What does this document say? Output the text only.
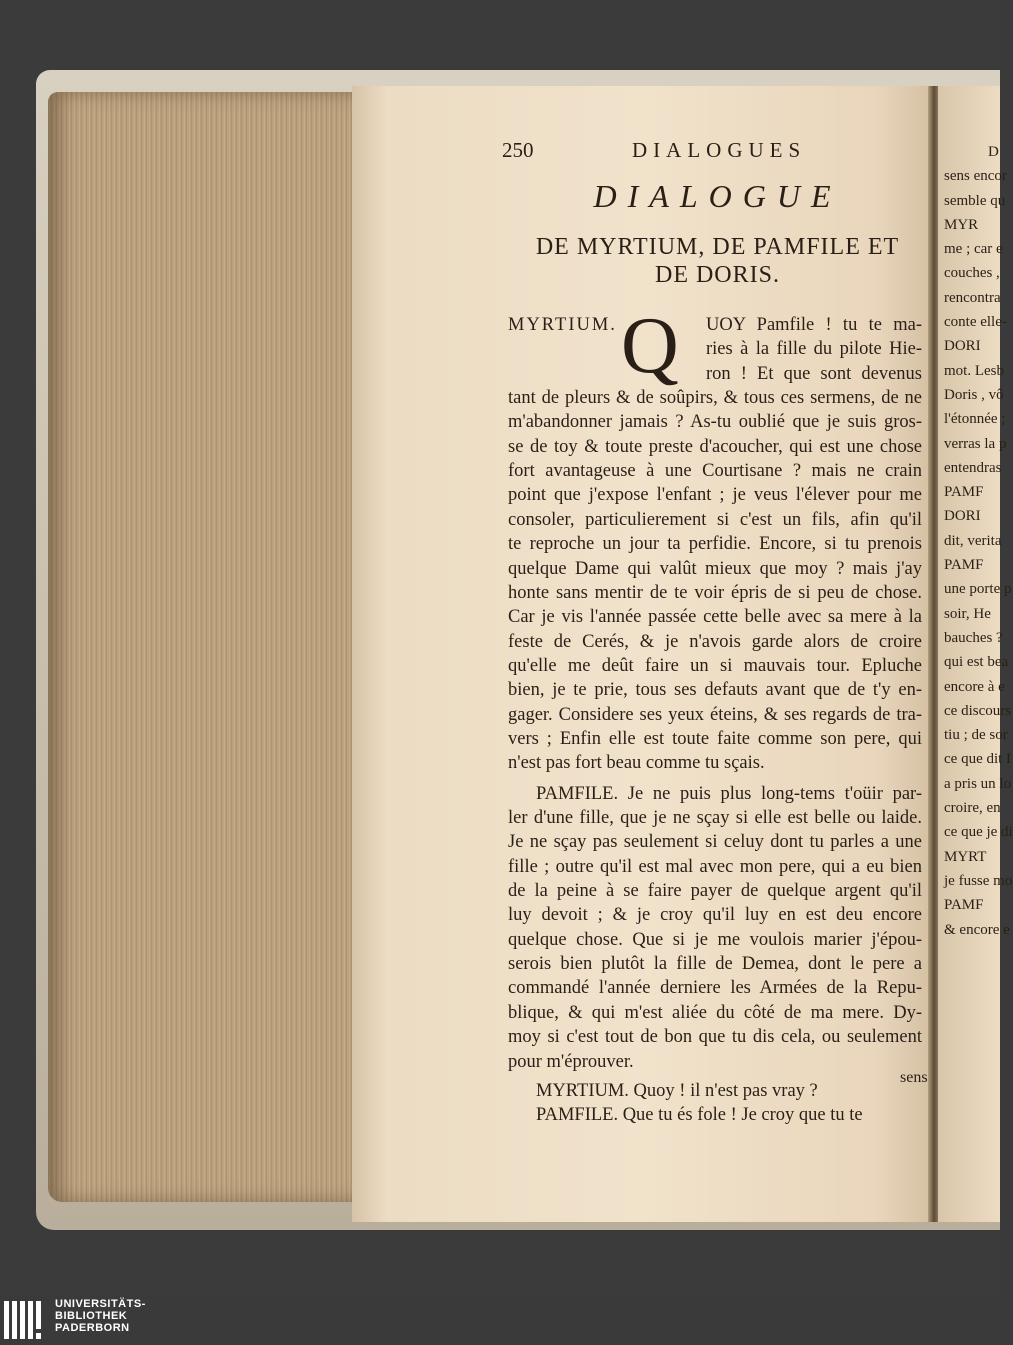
250	DIALOGUES
DIALOGUE
DE MYRTIUM, DE PAMFILE ET
DE DORIS.
MYRTIUM. Q UOY Pamfile ! tu te ma-
ries à la fille du pilote Hie-
ron ! Et que sont devenus
tant de pleurs & de soûpirs, & tous ces sermens, de ne
m'abandonner jamais ? As-tu oublié que je suis gros-
se de toy & toute preste d'acoucher, qui est une chose
fort avantageuse à une Courtisane ? mais ne crain
point que j'expose l'enfant ; je veus l'élever pour me
consoler, particulierement si c'est un fils, afin qu'il
te reproche un jour ta perfidie. Encore, si tu prenois
quelque Dame qui valût mieux que moy ? mais j'ay
honte sans mentir de te voir épris de si peu de chose.
Car je vis l'année passée cette belle avec sa mere à la
feste de Cerés, & je n'avois garde alors de croire
qu'elle me deût faire un si mauvais tour. Epluche
bien, je te prie, tous ses defauts avant que de t'y en-
gager. Considere ses yeux éteins, & ses regards de tra-
vers ; Enfin elle est toute faite comme son pere, qui
n'est pas fort beau comme tu sçais.
PAMFILE. Je ne puis plus long-tems t'oüir par-
ler d'une fille, que je ne sçay si elle est belle ou laide.
Je ne sçay pas seulement si celuy dont tu parles a une
fille ; outre qu'il est mal avec mon pere, qui a eu bien
de la peine à se faire payer de quelque argent qu'il
luy devoit ; & je croy qu'il luy en est deu encore
quelque chose. Que si je me voulois marier j'épou-
serois bien plutôt la fille de Demea, dont le pere a
commandé l'année derniere les Armées de la Repu-
blique, & qui m'est aliée du côté de ma mere. Dy-
moy si c'est tout de bon que tu dis cela, ou seulement
pour m'éprouver.
MYRTIUM. Quoy ! il n'est pas vray ?
PAMFILE. Que tu és fole ! Je croy que tu te
sens
D
sens encor
semble qu
MYR
me ; car e
couches ,
rencontra
conte elle-
DORI
mot. Lesb
Doris , vô
l'étonnée ;
verras la p
entendras
PAMF
DORI
dit, verita
PAMF
une porte p
soir, He
bauches ?
qui est bea
encore à e
ce discours
tiu ; de sor
ce que dit I
a pris un lo
croire, en
ce que je di
MYRT
je fusse mo
PAMF
& encore e
UNIVERSITÄTS-
BIBLIOTHEK
PADERBORN
